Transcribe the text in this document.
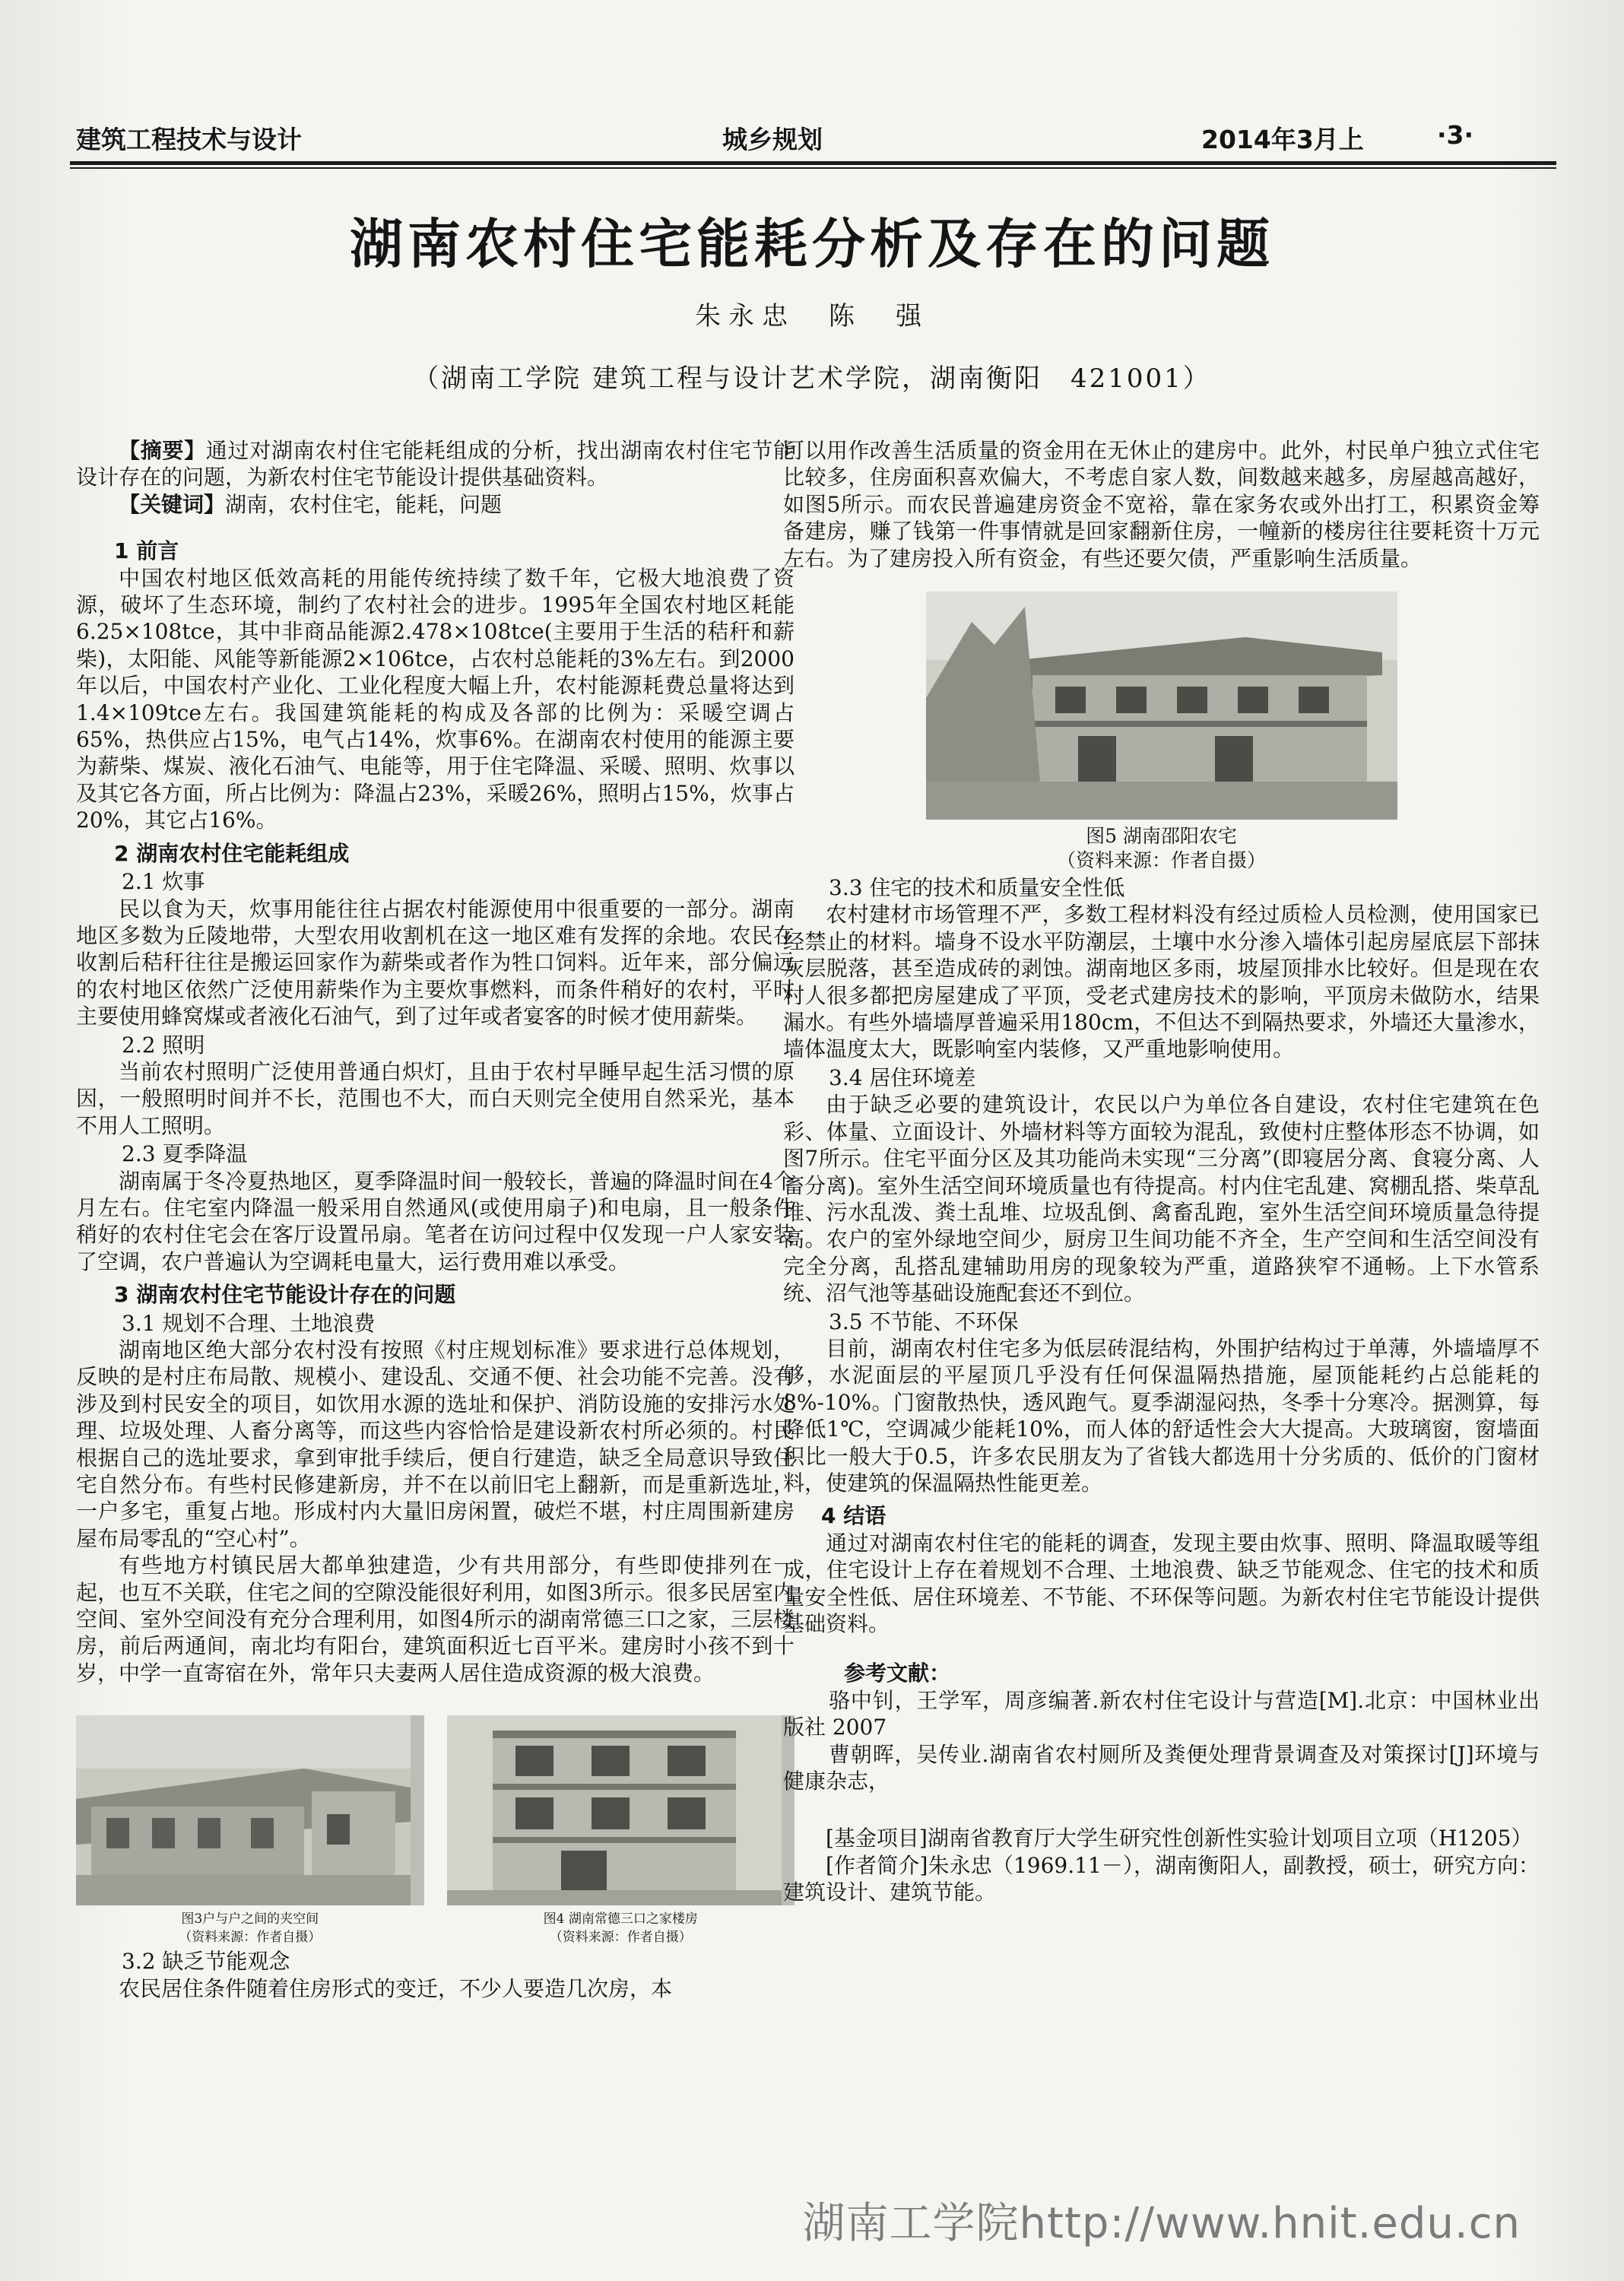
建筑工程技术与设计	城乡规划	2014年3月上	·3·
湖南农村住宅能耗分析及存在的问题
朱永忠　陈　强
（湖南工学院 建筑工程与设计艺术学院，湖南衡阳　421001）

【摘要】通过对湖南农村住宅能耗组成的分析，找出湖南农村住宅节能设计存在的问题，为新农村住宅节能设计提供基础资料。

【关键词】湖南，农村住宅，能耗，问题

1 前言

中国农村地区低效高耗的用能传统持续了数千年，它极大地浪费了资源，破坏了生态环境，制约了农村社会的进步。1995年全国农村地区耗能6.25×108tce，其中非商品能源2.478×108tce(主要用于生活的秸秆和薪柴)，太阳能、风能等新能源2×106tce，占农村总能耗的3%左右。到2000年以后，中国农村产业化、工业化程度大幅上升，农村能源耗费总量将达到1.4×109tce左右。我国建筑能耗的构成及各部的比例为：采暖空调占65%，热供应占15%，电气占14%，炊事6%。在湖南农村使用的能源主要为薪柴、煤炭、液化石油气、电能等，用于住宅降温、采暖、照明、炊事以及其它各方面，所占比例为：降温占23%，采暖26%，照明占15%，炊事占20%，其它占16%。

2 湖南农村住宅能耗组成
2.1 炊事

民以食为天，炊事用能往往占据农村能源使用中很重要的一部分。湖南地区多数为丘陵地带，大型农用收割机在这一地区难有发挥的余地。农民在收割后秸秆往往是搬运回家作为薪柴或者作为牲口饲料。近年来，部分偏远的农村地区依然广泛使用薪柴作为主要炊事燃料，而条件稍好的农村，平时主要使用蜂窝煤或者液化石油气，到了过年或者宴客的时候才使用薪柴。

2.2 照明

当前农村照明广泛使用普通白炽灯，且由于农村早睡早起生活习惯的原因，一般照明时间并不长，范围也不大，而白天则完全使用自然采光，基本不用人工照明。

2.3 夏季降温

湖南属于冬冷夏热地区，夏季降温时间一般较长，普遍的降温时间在4个月左右。住宅室内降温一般采用自然通风(或使用扇子)和电扇，且一般条件稍好的农村住宅会在客厅设置吊扇。笔者在访问过程中仅发现一户人家安装了空调，农户普遍认为空调耗电量大，运行费用难以承受。

3 湖南农村住宅节能设计存在的问题
3.1 规划不合理、土地浪费

湖南地区绝大部分农村没有按照《村庄规划标准》要求进行总体规划，反映的是村庄布局散、规模小、建设乱、交通不便、社会功能不完善。没有涉及到村民安全的项目，如饮用水源的选址和保护、消防设施的安排污水处理、垃圾处理、人畜分离等，而这些内容恰恰是建设新农村所必须的。村民根据自己的选址要求，拿到审批手续后，便自行建造，缺乏全局意识导致住宅自然分布。有些村民修建新房，并不在以前旧宅上翻新，而是重新选址，一户多宅，重复占地。形成村内大量旧房闲置，破烂不堪，村庄周围新建房屋布局零乱的“空心村”。

有些地方村镇民居大都单独建造，少有共用部分，有些即使排列在一起，也互不关联，住宅之间的空隙没能很好利用，如图3所示。很多民居室内空间、室外空间没有充分合理利用，如图4所示的湖南常德三口之家，三层楼房，前后两通间，南北均有阳台，建筑面积近七百平米。建房时小孩不到十岁，中学一直寄宿在外，常年只夫妻两人居住造成资源的极大浪费。

图3户与户之间的夹空间
（资料来源：作者自摄）
图4 湖南常德三口之家楼房
（资料来源：作者自摄）
3.2 缺乏节能观念

农民居住条件随着住房形式的变迁，不少人要造几次房，本

可以用作改善生活质量的资金用在无休止的建房中。此外，村民单户独立式住宅比较多，住房面积喜欢偏大，不考虑自家人数，间数越来越多，房屋越高越好，如图5所示。而农民普遍建房资金不宽裕，靠在家务农或外出打工，积累资金筹备建房，赚了钱第一件事情就是回家翻新住房，一幢新的楼房往往要耗资十万元左右。为了建房投入所有资金，有些还要欠债，严重影响生活质量。

图5 湖南邵阳农宅
（资料来源：作者自摄）
3.3 住宅的技术和质量安全性低

农村建材市场管理不严，多数工程材料没有经过质检人员检测，使用国家已经禁止的材料。墙身不设水平防潮层，土壤中水分渗入墙体引起房屋底层下部抹灰层脱落，甚至造成砖的剥蚀。湖南地区多雨，坡屋顶排水比较好。但是现在农村人很多都把房屋建成了平顶，受老式建房技术的影响，平顶房未做防水，结果漏水。有些外墙墙厚普遍采用180cm，不但达不到隔热要求，外墙还大量渗水，墙体温度太大，既影响室内装修，又严重地影响使用。

3.4 居住环境差

由于缺乏必要的建筑设计，农民以户为单位各自建设，农村住宅建筑在色彩、体量、立面设计、外墙材料等方面较为混乱，致使村庄整体形态不协调，如图7所示。住宅平面分区及其功能尚未实现“三分离”(即寝居分离、食寝分离、人畜分离)。室外生活空间环境质量也有待提高。村内住宅乱建、窝棚乱搭、柴草乱堆、污水乱泼、粪土乱堆、垃圾乱倒、禽畜乱跑，室外生活空间环境质量急待提高。农户的室外绿地空间少，厨房卫生间功能不齐全，生产空间和生活空间没有完全分离，乱搭乱建辅助用房的现象较为严重，道路狭窄不通畅。上下水管系统、沼气池等基础设施配套还不到位。

3.5 不节能、不环保

目前，湖南农村住宅多为低层砖混结构，外围护结构过于单薄，外墙墙厚不够，水泥面层的平屋顶几乎没有任何保温隔热措施，屋顶能耗约占总能耗的8%-10%。门窗散热快，透风跑气。夏季湖湿闷热，冬季十分寒冷。据测算，每降低1℃，空调减少能耗10%，而人体的舒适性会大大提高。大玻璃窗，窗墙面积比一般大于0.5，许多农民朋友为了省钱大都选用十分劣质的、低价的门窗材料，使建筑的保温隔热性能更差。

4 结语

通过对湖南农村住宅的能耗的调查，发现主要由炊事、照明、降温取暖等组成，住宅设计上存在着规划不合理、土地浪费、缺乏节能观念、住宅的技术和质量安全性低、居住环境差、不节能、不环保等问题。为新农村住宅节能设计提供基础资料。

参考文献：

骆中钊，王学军，周彦编著.新农村住宅设计与营造[M].北京：中国林业出版社 2007

曹朝晖，吴传业.湖南省农村厕所及粪便处理背景调查及对策探讨[J]环境与健康杂志，

[基金项目]湖南省教育厅大学生研究性创新性实验计划项目立项（H1205）

[作者简介]朱永忠（1969.11－），湖南衡阳人，副教授，硕士，研究方向：建筑设计、建筑节能。

湖南工学院http://www.hnit.edu.cn
